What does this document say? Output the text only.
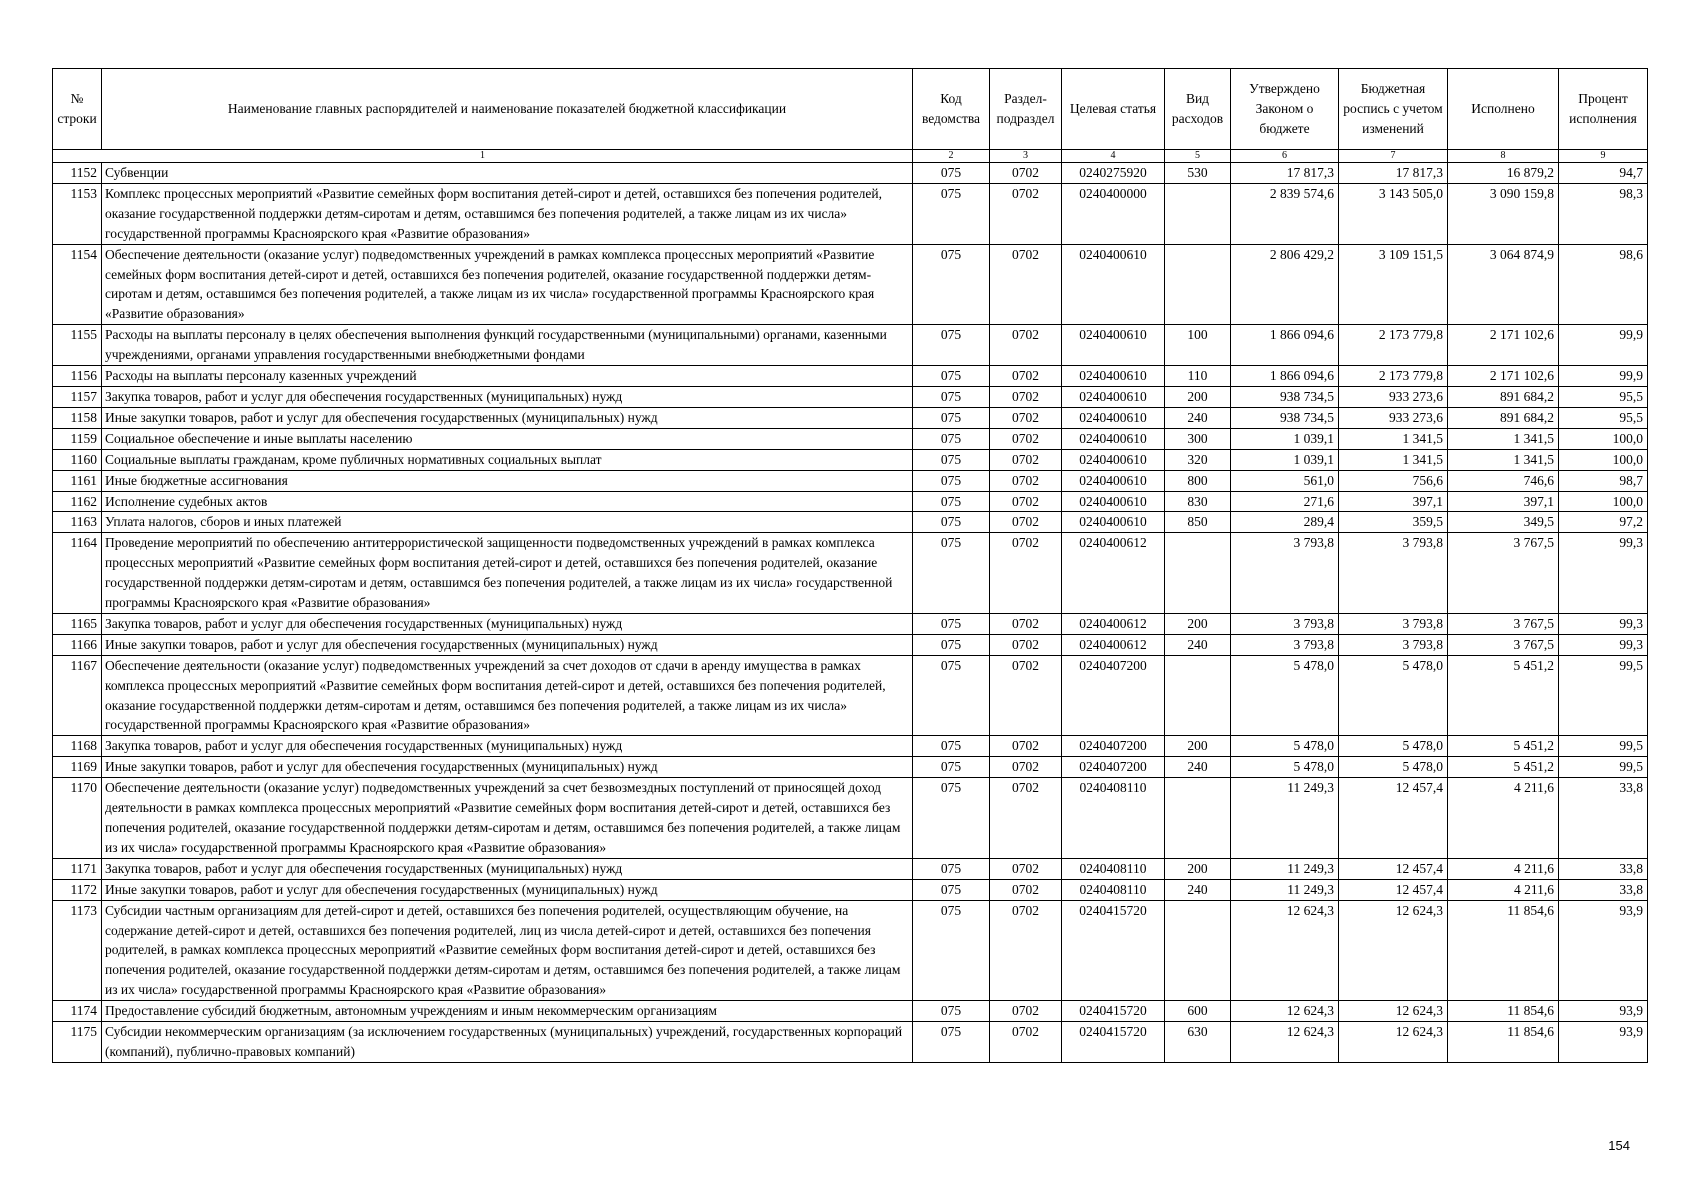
№ строки	Наименование главных распорядителей и наименование показателей бюджетной классификации	Код ведомства	Раздел-подраздел	Целевая статья	Вид расходов	Утверждено Законом о бюджете	Бюджетная роспись с учетом изменений	Исполнено	Процент исполнения
1		2	3	4	5	6	7	8	9
1152	Субвенции	075	0702	0240275920	530	17 817,3	17 817,3	16 879,2	94,7
1153	Комплекс процессных мероприятий «Развитие семейных форм воспитания детей-сирот и детей, оставшихся без попечения родителей, оказание государственной поддержки детям-сиротам и детям, оставшимся без попечения родителей, а также лицам из их числа» государственной программы Красноярского края «Развитие образования»	075	0702	0240400000		2 839 574,6	3 143 505,0	3 090 159,8	98,3
1154	Обеспечение деятельности (оказание услуг) подведомственных учреждений в рамках комплекса процессных мероприятий «Развитие семейных форм воспитания детей-сирот и детей, оставшихся без попечения родителей, оказание государственной поддержки детям-сиротам и детям, оставшимся без попечения родителей, а также лицам из их числа» государственной программы Красноярского края «Развитие образования»	075	0702	0240400610		2 806 429,2	3 109 151,5	3 064 874,9	98,6
1155	Расходы на выплаты персоналу в целях обеспечения выполнения функций государственными (муниципальными) органами, казенными учреждениями, органами управления государственными внебюджетными фондами	075	0702	0240400610	100	1 866 094,6	2 173 779,8	2 171 102,6	99,9
1156	Расходы на выплаты персоналу казенных учреждений	075	0702	0240400610	110	1 866 094,6	2 173 779,8	2 171 102,6	99,9
1157	Закупка товаров, работ и услуг для обеспечения государственных (муниципальных) нужд	075	0702	0240400610	200	938 734,5	933 273,6	891 684,2	95,5
1158	Иные закупки товаров, работ и услуг для обеспечения государственных (муниципальных) нужд	075	0702	0240400610	240	938 734,5	933 273,6	891 684,2	95,5
1159	Социальное обеспечение и иные выплаты населению	075	0702	0240400610	300	1 039,1	1 341,5	1 341,5	100,0
1160	Социальные выплаты гражданам, кроме публичных нормативных социальных выплат	075	0702	0240400610	320	1 039,1	1 341,5	1 341,5	100,0
1161	Иные бюджетные ассигнования	075	0702	0240400610	800	561,0	756,6	746,6	98,7
1162	Исполнение судебных актов	075	0702	0240400610	830	271,6	397,1	397,1	100,0
1163	Уплата налогов, сборов и иных платежей	075	0702	0240400610	850	289,4	359,5	349,5	97,2
1164	Проведение мероприятий по обеспечению антитеррористической защищенности подведомственных учреждений в рамках комплекса процессных мероприятий «Развитие семейных форм воспитания детей-сирот и детей, оставшихся без попечения родителей, оказание государственной поддержки детям-сиротам и детям, оставшимся без попечения родителей, а также лицам из их числа» государственной программы Красноярского края «Развитие образования»	075	0702	0240400612		3 793,8	3 793,8	3 767,5	99,3
1165	Закупка товаров, работ и услуг для обеспечения государственных (муниципальных) нужд	075	0702	0240400612	200	3 793,8	3 793,8	3 767,5	99,3
1166	Иные закупки товаров, работ и услуг для обеспечения государственных (муниципальных) нужд	075	0702	0240400612	240	3 793,8	3 793,8	3 767,5	99,3
1167	Обеспечение деятельности (оказание услуг) подведомственных учреждений за счет доходов от сдачи в аренду имущества в рамках комплекса процессных мероприятий «Развитие семейных форм воспитания детей-сирот и детей, оставшихся без попечения родителей, оказание государственной поддержки детям-сиротам и детям, оставшимся без попечения родителей, а также лицам из их числа» государственной программы Красноярского края «Развитие образования»	075	0702	0240407200		5 478,0	5 478,0	5 451,2	99,5
1168	Закупка товаров, работ и услуг для обеспечения государственных (муниципальных) нужд	075	0702	0240407200	200	5 478,0	5 478,0	5 451,2	99,5
1169	Иные закупки товаров, работ и услуг для обеспечения государственных (муниципальных) нужд	075	0702	0240407200	240	5 478,0	5 478,0	5 451,2	99,5
1170	Обеспечение деятельности (оказание услуг) подведомственных учреждений за счет безвозмездных поступлений от приносящей доход деятельности в рамках комплекса процессных мероприятий «Развитие семейных форм воспитания детей-сирот и детей, оставшихся без попечения родителей, оказание государственной поддержки детям-сиротам и детям, оставшимся без попечения родителей, а также лицам из их числа» государственной программы Красноярского края «Развитие образования»	075	0702	0240408110		11 249,3	12 457,4	4 211,6	33,8
1171	Закупка товаров, работ и услуг для обеспечения государственных (муниципальных) нужд	075	0702	0240408110	200	11 249,3	12 457,4	4 211,6	33,8
1172	Иные закупки товаров, работ и услуг для обеспечения государственных (муниципальных) нужд	075	0702	0240408110	240	11 249,3	12 457,4	4 211,6	33,8
1173	Субсидии частным организациям для детей-сирот и детей, оставшихся без попечения родителей, осуществляющим обучение, на содержание детей-сирот и детей, оставшихся без попечения родителей, лиц из числа детей-сирот и детей, оставшихся без попечения родителей, в рамках комплекса процессных мероприятий «Развитие семейных форм воспитания детей-сирот и детей, оставшихся без попечения родителей, оказание государственной поддержки детям-сиротам и детям, оставшимся без попечения родителей, а также лицам из их числа» государственной программы Красноярского края «Развитие образования»	075	0702	0240415720		12 624,3	12 624,3	11 854,6	93,9
1174	Предоставление субсидий бюджетным, автономным учреждениям и иным некоммерческим организациям	075	0702	0240415720	600	12 624,3	12 624,3	11 854,6	93,9
1175	Субсидии некоммерческим организациям (за исключением государственных (муниципальных) учреждений, государственных корпораций (компаний), публично-правовых компаний)	075	0702	0240415720	630	12 624,3	12 624,3	11 854,6	93,9
154
